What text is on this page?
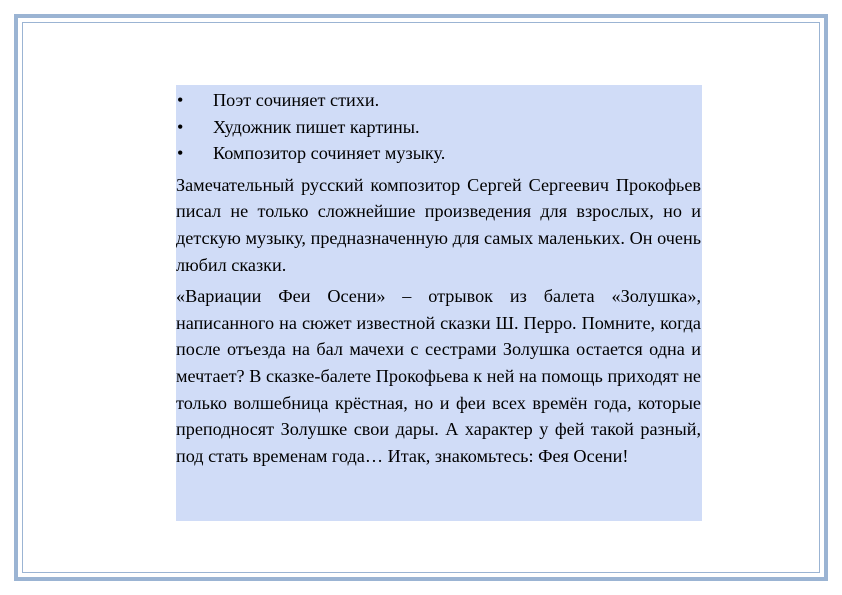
• Поэт сочиняет стихи.
• Художник пишет картины.
• Композитор сочиняет музыку.

Замечательный русский композитор Сергей Сергеевич Прокофьев писал не только сложнейшие произведения для взрослых, но и детскую музыку, предназначенную для самых маленьких. Он очень любил сказки.

«Вариации Феи Осени» – отрывок из балета «Золушка», написанного на сюжет известной сказки Ш. Перро. Помните, когда после отъезда на бал мачехи с сестрами Золушка остается одна и мечтает? В сказке-балете Прокофьева к ней на помощь приходят не только волшебница крёстная, но и феи всех времён года, которые преподносят Золушке свои дары. А характер у фей такой разный, под стать временам года… Итак, знакомьтесь: Фея Осени!
